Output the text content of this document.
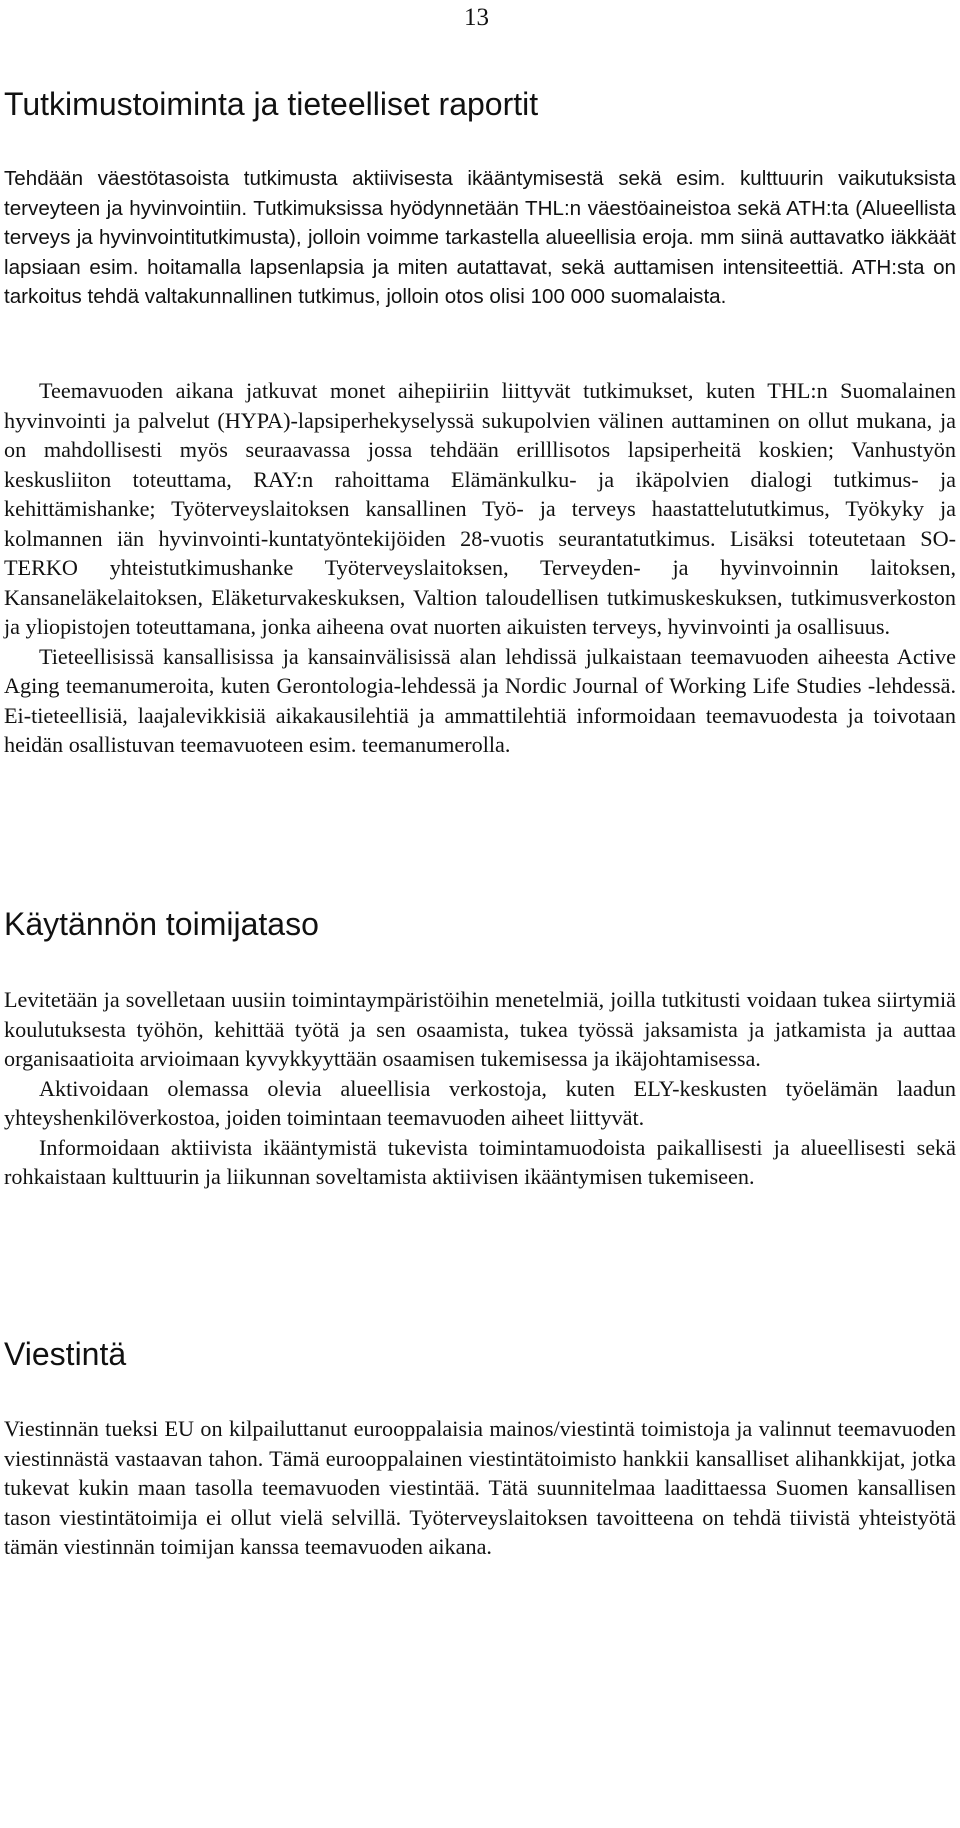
13
Tutkimustoiminta ja tieteelliset raportit

Tehdään väestötasoista tutkimusta aktiivisesta ikääntymisestä sekä esim. kulttuurin vaikutuksista terveyteen ja hyvinvointiin. Tutkimuksissa hyödynnetään THL:n väestöaineistoa sekä ATH:ta (Alueellista terveys ja hyvinvointitutkimusta), jolloin voimme tarkastella alueellisia eroja. mm siinä auttavatko iäkkäät lapsiaan esim. hoitamalla lapsenlapsia ja miten autattavat, sekä auttamisen intensiteettiä. ATH:sta on tarkoitus tehdä valtakunnallinen tutkimus, jolloin otos olisi 100 000 suomalaista.

Teemavuoden aikana jatkuvat monet aihepiiriin liittyvät tutkimukset, kuten THL:n Suomalainen hyvinvointi ja palvelut (HYPA)-lapsiperhekyselyssä sukupolvien välinen auttaminen on ollut mukana, ja on mahdollisesti myös seuraavassa jossa tehdään erilllisotos lapsiperheitä koskien; Vanhustyön keskusliiton toteuttama, RAY:n rahoittama Elämänkulku- ja ikäpolvien dialogi tutkimus- ja kehittämishanke; Työterveyslaitoksen kansallinen Työ- ja terveys haastattelututkimus, Työkyky ja kolmannen iän hyvinvointi-kuntatyöntekijöiden 28-vuotis seurantatutkimus. Lisäksi toteutetaan SO-TERKO yhteistutkimushanke Työterveyslaitoksen, Terveyden- ja hyvinvoinnin laitoksen, Kansaneläkelaitoksen, Eläketurvakeskuksen, Valtion taloudellisen tutkimuskeskuksen, tutkimusverkoston ja yliopistojen toteuttamana, jonka aiheena ovat nuorten aikuisten terveys, hyvinvointi ja osallisuus.

Tieteellisissä kansallisissa ja kansainvälisissä alan lehdissä julkaistaan teemavuoden aiheesta Active Aging teemanumeroita, kuten Gerontologia-lehdessä ja Nordic Journal of Working Life Studies -lehdessä. Ei-tieteellisiä, laajalevikkisiä aikakausilehtiä ja ammattilehtiä informoidaan teemavuodesta ja toivotaan heidän osallistuvan teemavuoteen esim. teemanumerolla.

Käytännön toimijataso

Levitetään ja sovelletaan uusiin toimintaympäristöihin menetelmiä, joilla tutkitusti voidaan tukea siirtymiä koulutuksesta työhön, kehittää työtä ja sen osaamista, tukea työssä jaksamista ja jatkamista ja auttaa organisaatioita arvioimaan kyvykkyyttään osaamisen tukemisessa ja ikäjohtamisessa.

Aktivoidaan olemassa olevia alueellisia verkostoja, kuten ELY-keskusten työelämän laadun yhteyshenkilöverkostoa, joiden toimintaan teemavuoden aiheet liittyvät.

Informoidaan aktiivista ikääntymistä tukevista toimintamuodoista paikallisesti ja alueellisesti sekä rohkaistaan kulttuurin ja liikunnan soveltamista aktiivisen ikääntymisen tukemiseen.

Viestintä

Viestinnän tueksi EU on kilpailuttanut eurooppalaisia mainos/viestintä toimistoja ja valinnut teemavuoden viestinnästä vastaavan tahon. Tämä eurooppalainen viestintätoimisto hankkii kansalliset alihankkijat, jotka tukevat kukin maan tasolla teemavuoden viestintää. Tätä suunnitelmaa laadittaessa Suomen kansallisen tason viestintätoimija ei ollut vielä selvillä. Työterveyslaitoksen tavoitteena on tehdä tiivistä yhteistyötä tämän viestinnän toimijan kanssa teemavuoden aikana.
